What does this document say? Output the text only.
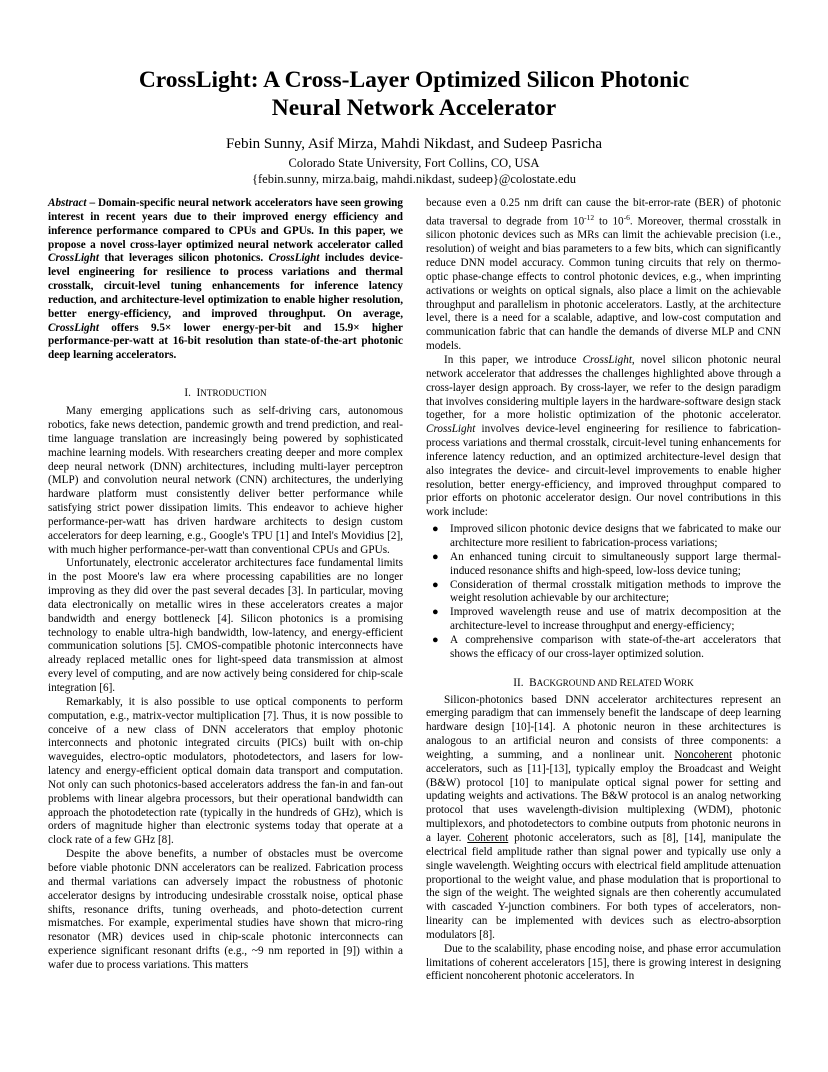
CrossLight: A Cross-Layer Optimized Silicon Photonic
Neural Network Accelerator
Febin Sunny, Asif Mirza, Mahdi Nikdast, and Sudeep Pasricha
Colorado State University, Fort Collins, CO, USA
{febin.sunny, mirza.baig, mahdi.nikdast, sudeep}@colostate.edu

Abstract – Domain-specific neural network accelerators have seen growing interest in recent years due to their improved energy efficiency and inference performance compared to CPUs and GPUs. In this paper, we propose a novel cross-layer optimized neural network accelerator called CrossLight that leverages silicon photonics. CrossLight includes device-level engineering for resilience to process variations and thermal crosstalk, circuit-level tuning enhancements for inference latency reduction, and architecture-level optimization to enable higher resolution, better energy-efficiency, and improved throughput. On average, CrossLight offers 9.5× lower energy-per-bit and 15.9× higher performance-per-watt at 16-bit resolution than state-of-the-art photonic deep learning accelerators.

I. INTRODUCTION

Many emerging applications such as self-driving cars, autonomous robotics, fake news detection, pandemic growth and trend prediction, and real-time language translation are increasingly being powered by sophisticated machine learning models. With researchers creating deeper and more complex deep neural network (DNN) architectures, including multi-layer perceptron (MLP) and convolution neural network (CNN) architectures, the underlying hardware platform must consistently deliver better performance while satisfying strict power dissipation limits. This endeavor to achieve higher performance-per-watt has driven hardware architects to design custom accelerators for deep learning, e.g., Google's TPU [1] and Intel's Movidius [2], with much higher performance-per-watt than conventional CPUs and GPUs.

Unfortunately, electronic accelerator architectures face fundamental limits in the post Moore's law era where processing capabilities are no longer improving as they did over the past several decades [3]. In particular, moving data electronically on metallic wires in these accelerators creates a major bandwidth and energy bottleneck [4]. Silicon photonics is a promising technology to enable ultra-high bandwidth, low-latency, and energy-efficient communication solutions [5]. CMOS-compatible photonic interconnects have already replaced metallic ones for light-speed data transmission at almost every level of computing, and are now actively being considered for chip-scale integration [6].

Remarkably, it is also possible to use optical components to perform computation, e.g., matrix-vector multiplication [7]. Thus, it is now possible to conceive of a new class of DNN accelerators that employ photonic interconnects and photonic integrated circuits (PICs) built with on-chip waveguides, electro-optic modulators, photodetectors, and lasers for low-latency and energy-efficient optical domain data transport and computation. Not only can such photonics-based accelerators address the fan-in and fan-out problems with linear algebra processors, but their operational bandwidth can approach the photodetection rate (typically in the hundreds of GHz), which is orders of magnitude higher than electronic systems today that operate at a clock rate of a few GHz [8].

Despite the above benefits, a number of obstacles must be overcome before viable photonic DNN accelerators can be realized. Fabrication process and thermal variations can adversely impact the robustness of photonic accelerator designs by introducing undesirable crosstalk noise, optical phase shifts, resonance drifts, tuning overheads, and photo-detection current mismatches. For example, experimental studies have shown that micro-ring resonator (MR) devices used in chip-scale photonic interconnects can experience significant resonant drifts (e.g., ~9 nm reported in [9]) within a wafer due to process variations. This matters

because even a 0.25 nm drift can cause the bit-error-rate (BER) of photonic data traversal to degrade from $10^{-12}$ to $10^{-6}$. Moreover, thermal crosstalk in silicon photonic devices such as MRs can limit the achievable precision (i.e., resolution) of weight and bias parameters to a few bits, which can significantly reduce DNN model accuracy. Common tuning circuits that rely on thermo-optic phase-change effects to control photonic devices, e.g., when imprinting activations or weights on optical signals, also place a limit on the achievable throughput and parallelism in photonic accelerators. Lastly, at the architecture level, there is a need for a scalable, adaptive, and low-cost computation and communication fabric that can handle the demands of diverse MLP and CNN models.

In this paper, we introduce CrossLight, novel silicon photonic neural network accelerator that addresses the challenges highlighted above through a cross-layer design approach. By cross-layer, we refer to the design paradigm that involves considering multiple layers in the hardware-software design stack together, for a more holistic optimization of the photonic accelerator. CrossLight involves device-level engineering for resilience to fabrication-process variations and thermal crosstalk, circuit-level tuning enhancements for inference latency reduction, and an optimized architecture-level design that also integrates the device- and circuit-level improvements to enable higher resolution, better energy-efficiency, and improved throughput compared to prior efforts on photonic accelerator design. Our novel contributions in this work include:

● Improved silicon photonic device designs that we fabricated to make our architecture more resilient to fabrication-process variations;
● An enhanced tuning circuit to simultaneously support large thermal-induced resonance shifts and high-speed, low-loss device tuning;
● Consideration of thermal crosstalk mitigation methods to improve the weight resolution achievable by our architecture;
● Improved wavelength reuse and use of matrix decomposition at the architecture-level to increase throughput and energy-efficiency;
● A comprehensive comparison with state-of-the-art accelerators that shows the efficacy of our cross-layer optimized solution.
II. BACKGROUND AND RELATED WORK

Silicon-photonics based DNN accelerator architectures represent an emerging paradigm that can immensely benefit the landscape of deep learning hardware design [10]-[14]. A photonic neuron in these architectures is analogous to an artificial neuron and consists of three components: a weighting, a summing, and a nonlinear unit. Noncoherent photonic accelerators, such as [11]-[13], typically employ the Broadcast and Weight (B&W) protocol [10] to manipulate optical signal power for setting and updating weights and activations. The B&W protocol is an analog networking protocol that uses wavelength-division multiplexing (WDM), photonic multiplexors, and photodetectors to combine outputs from photonic neurons in a layer. Coherent photonic accelerators, such as [8], [14], manipulate the electrical field amplitude rather than signal power and typically use only a single wavelength. Weighting occurs with electrical field amplitude attenuation proportional to the weight value, and phase modulation that is proportional to the sign of the weight. The weighted signals are then coherently accumulated with cascaded Y-junction combiners. For both types of accelerators, non-linearity can be implemented with devices such as electro-absorption modulators [8].

Due to the scalability, phase encoding noise, and phase error accumulation limitations of coherent accelerators [15], there is growing interest in designing efficient noncoherent photonic accelerators. In
